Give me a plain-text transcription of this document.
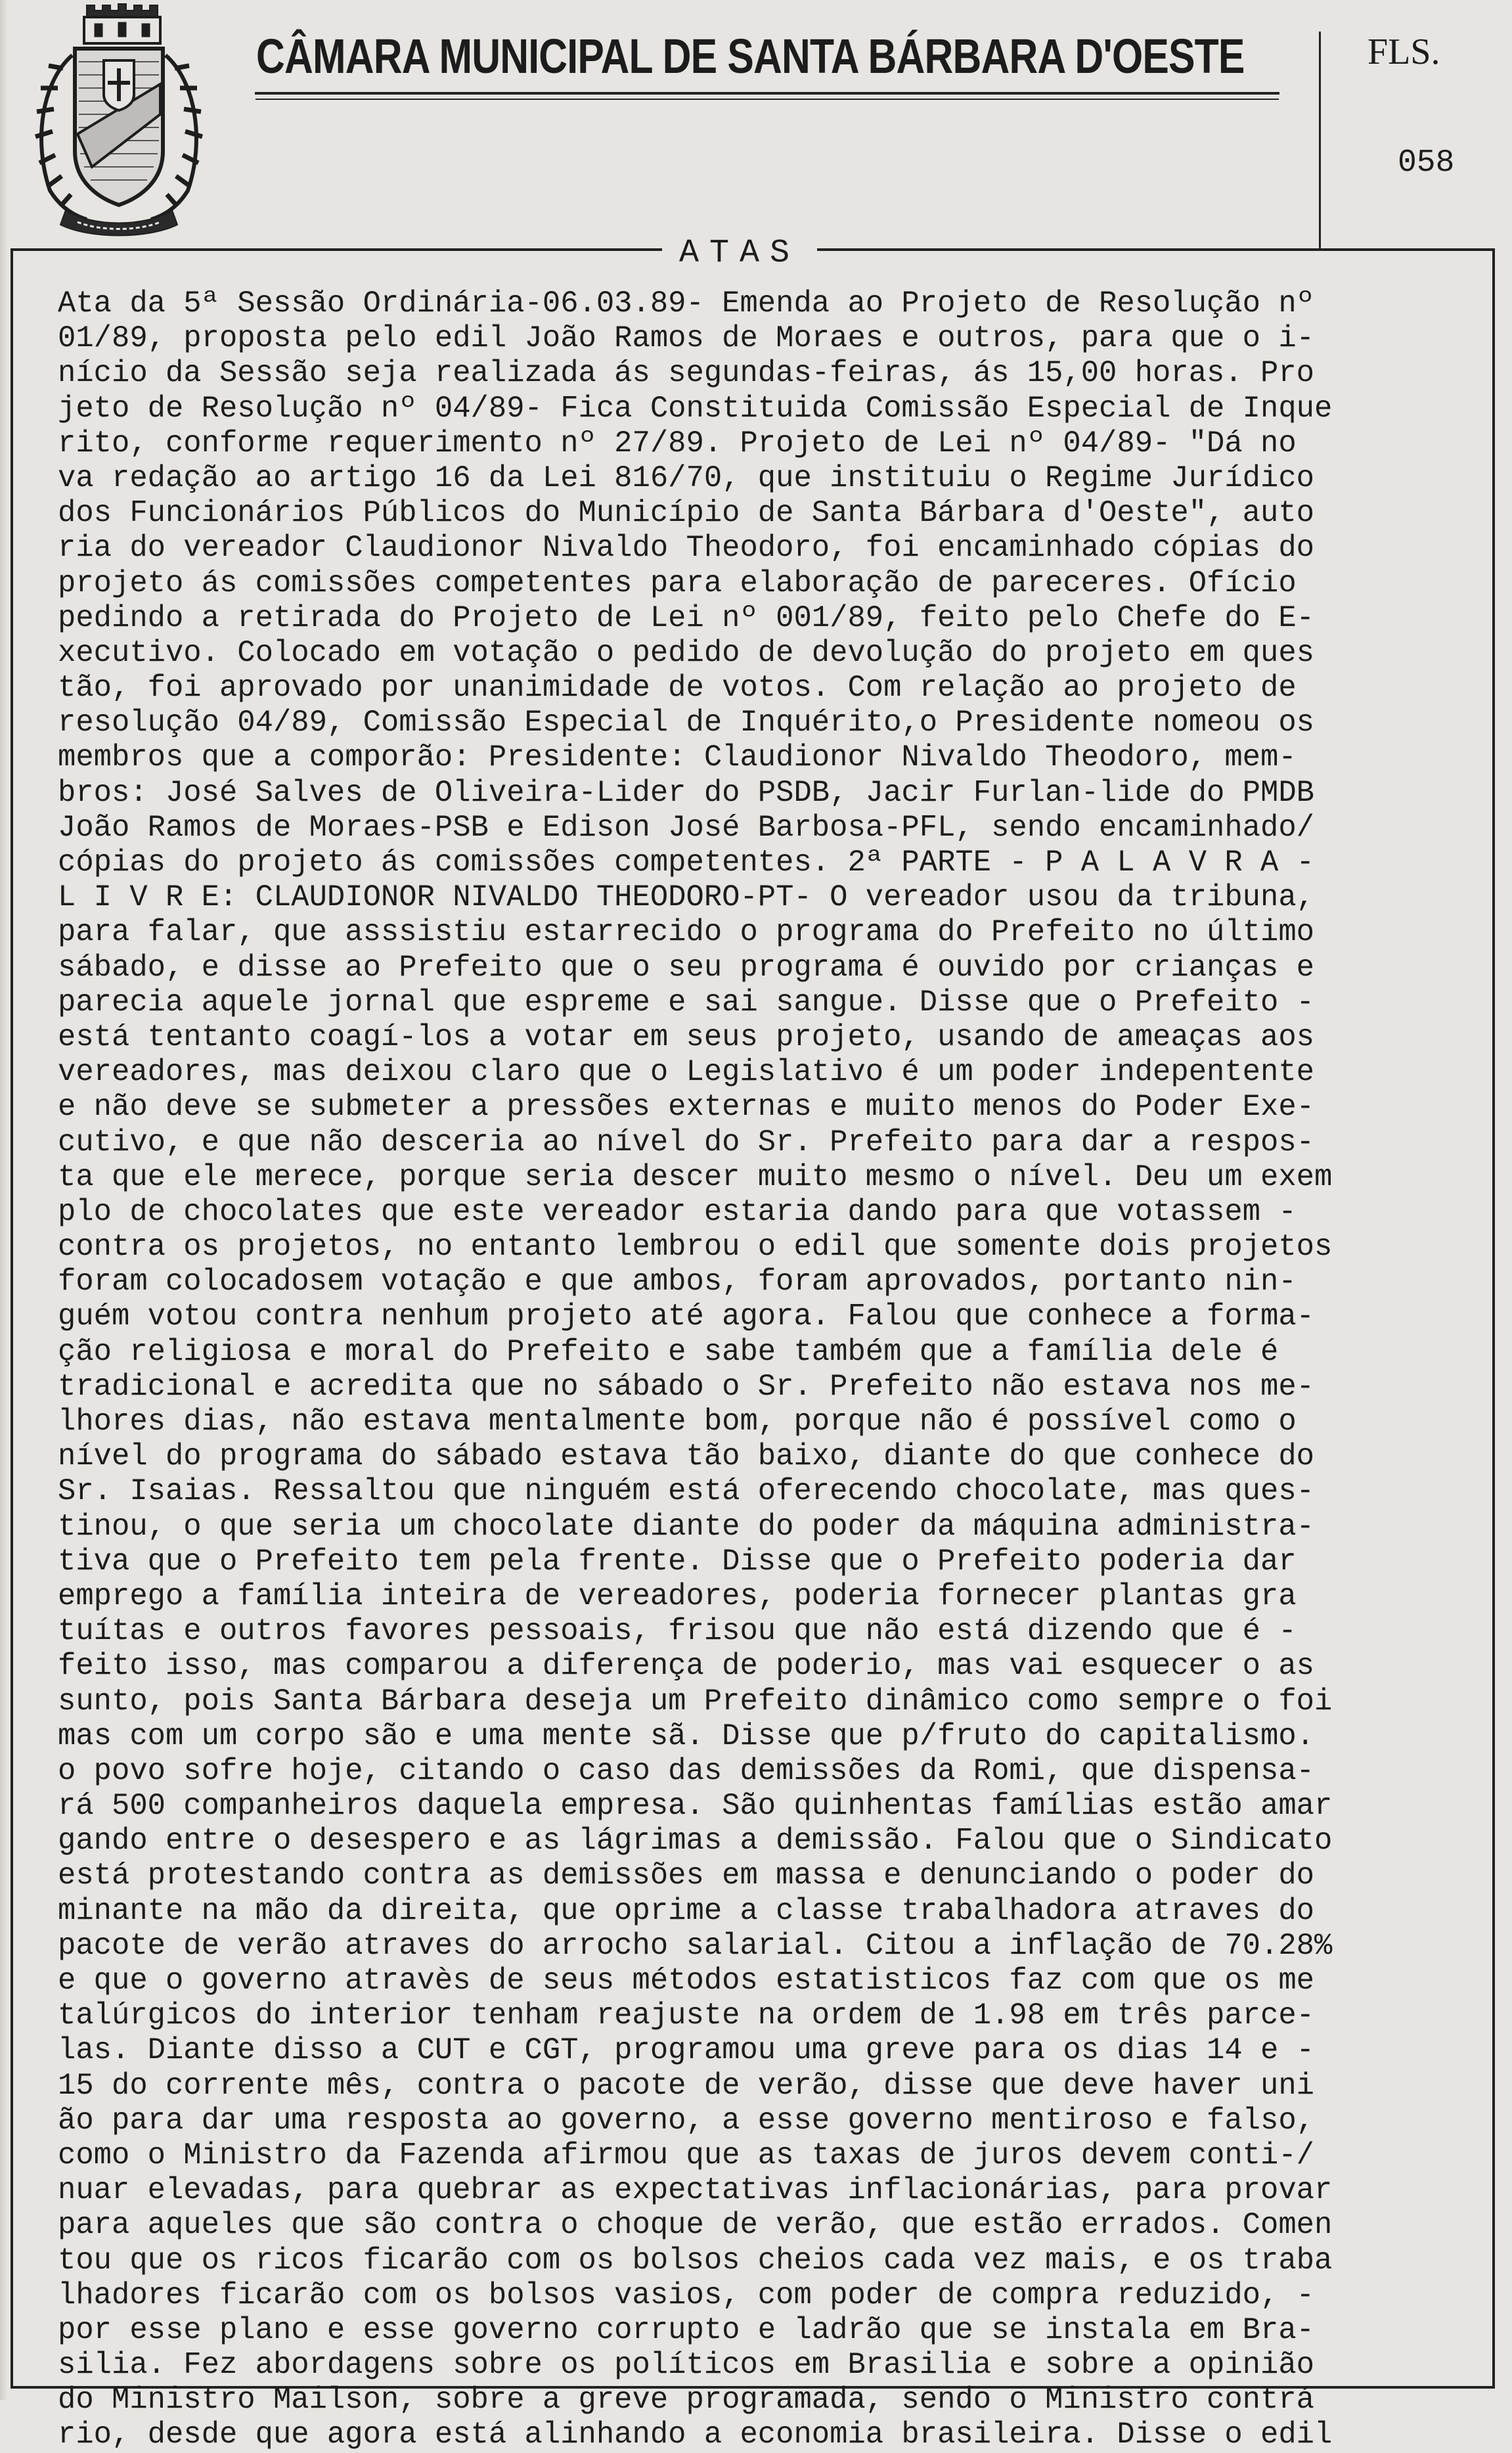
CÂMARA MUNICIPAL DE SANTA BÁRBARA D'OESTE	FLS.
058
ATAS
Ata da 5ª Sessão Ordinária-06.03.89- Emenda ao Projeto de Resolução nº
01/89, proposta pelo edil João Ramos de Moraes e outros, para que o i-
nício da Sessão seja realizada ás segundas-feiras, ás 15,00 horas. Pro
jeto de Resolução nº 04/89- Fica Constituida Comissão Especial de Inque
rito, conforme requerimento nº 27/89. Projeto de Lei nº 04/89- "Dá no
va redação ao artigo 16 da Lei 816/70, que instituiu o Regime Jurídico
dos Funcionários Públicos do Município de Santa Bárbara d'Oeste", auto
ria do vereador Claudionor Nivaldo Theodoro, foi encaminhado cópias do
projeto ás comissões competentes para elaboração de pareceres. Ofício
pedindo a retirada do Projeto de Lei nº 001/89, feito pelo Chefe do E-
xecutivo. Colocado em votação o pedido de devolução do projeto em ques
tão, foi aprovado por unanimidade de votos. Com relação ao projeto de
resolução 04/89, Comissão Especial de Inquérito,o Presidente nomeou os
membros que a comporão: Presidente: Claudionor Nivaldo Theodoro, mem-
bros: José Salves de Oliveira-Lider do PSDB, Jacir Furlan-lide do PMDB
João Ramos de Moraes-PSB e Edison José Barbosa-PFL, sendo encaminhado/
cópias do projeto ás comissões competentes. 2ª PARTE - P A L A V R A -
L I V R E: CLAUDIONOR NIVALDO THEODORO-PT- O vereador usou da tribuna,
para falar, que asssistiu estarrecido o programa do Prefeito no último
sábado, e disse ao Prefeito que o seu programa é ouvido por crianças e
parecia aquele jornal que espreme e sai sangue. Disse que o Prefeito -
está tentanto coagí-los a votar em seus projeto, usando de ameaças aos
vereadores, mas deixou claro que o Legislativo é um poder indepentente
e não deve se submeter a pressões externas e muito menos do Poder Exe-
cutivo, e que não desceria ao nível do Sr. Prefeito para dar a respos-
ta que ele merece, porque seria descer muito mesmo o nível. Deu um exem
plo de chocolates que este vereador estaria dando para que votassem -
contra os projetos, no entanto lembrou o edil que somente dois projetos
foram colocadosem votação e que ambos, foram aprovados, portanto nin-
guém votou contra nenhum projeto até agora. Falou que conhece a forma-
ção religiosa e moral do Prefeito e sabe também que a família dele é
tradicional e acredita que no sábado o Sr. Prefeito não estava nos me-
lhores dias, não estava mentalmente bom, porque não é possível como o
nível do programa do sábado estava tão baixo, diante do que conhece do
Sr. Isaias. Ressaltou que ninguém está oferecendo chocolate, mas ques-
tinou, o que seria um chocolate diante do poder da máquina administra-
tiva que o Prefeito tem pela frente. Disse que o Prefeito poderia dar
emprego a família inteira de vereadores, poderia fornecer plantas gra
tuítas e outros favores pessoais, frisou que não está dizendo que é -
feito isso, mas comparou a diferença de poderio, mas vai esquecer o as
sunto, pois Santa Bárbara deseja um Prefeito dinâmico como sempre o foi
mas com um corpo são e uma mente sã. Disse que p/fruto do capitalismo.
o povo sofre hoje, citando o caso das demissões da Romi, que dispensa-
rá 500 companheiros daquela empresa. São quinhentas famílias estão amar
gando entre o desespero e as lágrimas a demissão. Falou que o Sindicato
está protestando contra as demissões em massa e denunciando o poder do
minante na mão da direita, que oprime a classe trabalhadora atraves do
pacote de verão atraves do arrocho salarial. Citou a inflação de 70.28%
e que o governo atravès de seus métodos estatisticos faz com que os me
talúrgicos do interior tenham reajuste na ordem de 1.98 em três parce-
las. Diante disso a CUT e CGT, programou uma greve para os dias 14 e -
15 do corrente mês, contra o pacote de verão, disse que deve haver uni
ão para dar uma resposta ao governo, a esse governo mentiroso e falso,
como o Ministro da Fazenda afirmou que as taxas de juros devem conti-/
nuar elevadas, para quebrar as expectativas inflacionárias, para provar
para aqueles que são contra o choque de verão, que estão errados. Comen
tou que os ricos ficarão com os bolsos cheios cada vez mais, e os traba
lhadores ficarão com os bolsos vasios, com poder de compra reduzido, -
por esse plano e esse governo corrupto e ladrão que se instala em Bra-
silia. Fez abordagens sobre os políticos em Brasilia e sobre a opinião
do Ministro Mailson, sobre a greve programada, sendo o Ministro contrá
rio, desde que agora está alinhando a economia brasileira. Disse o edil
